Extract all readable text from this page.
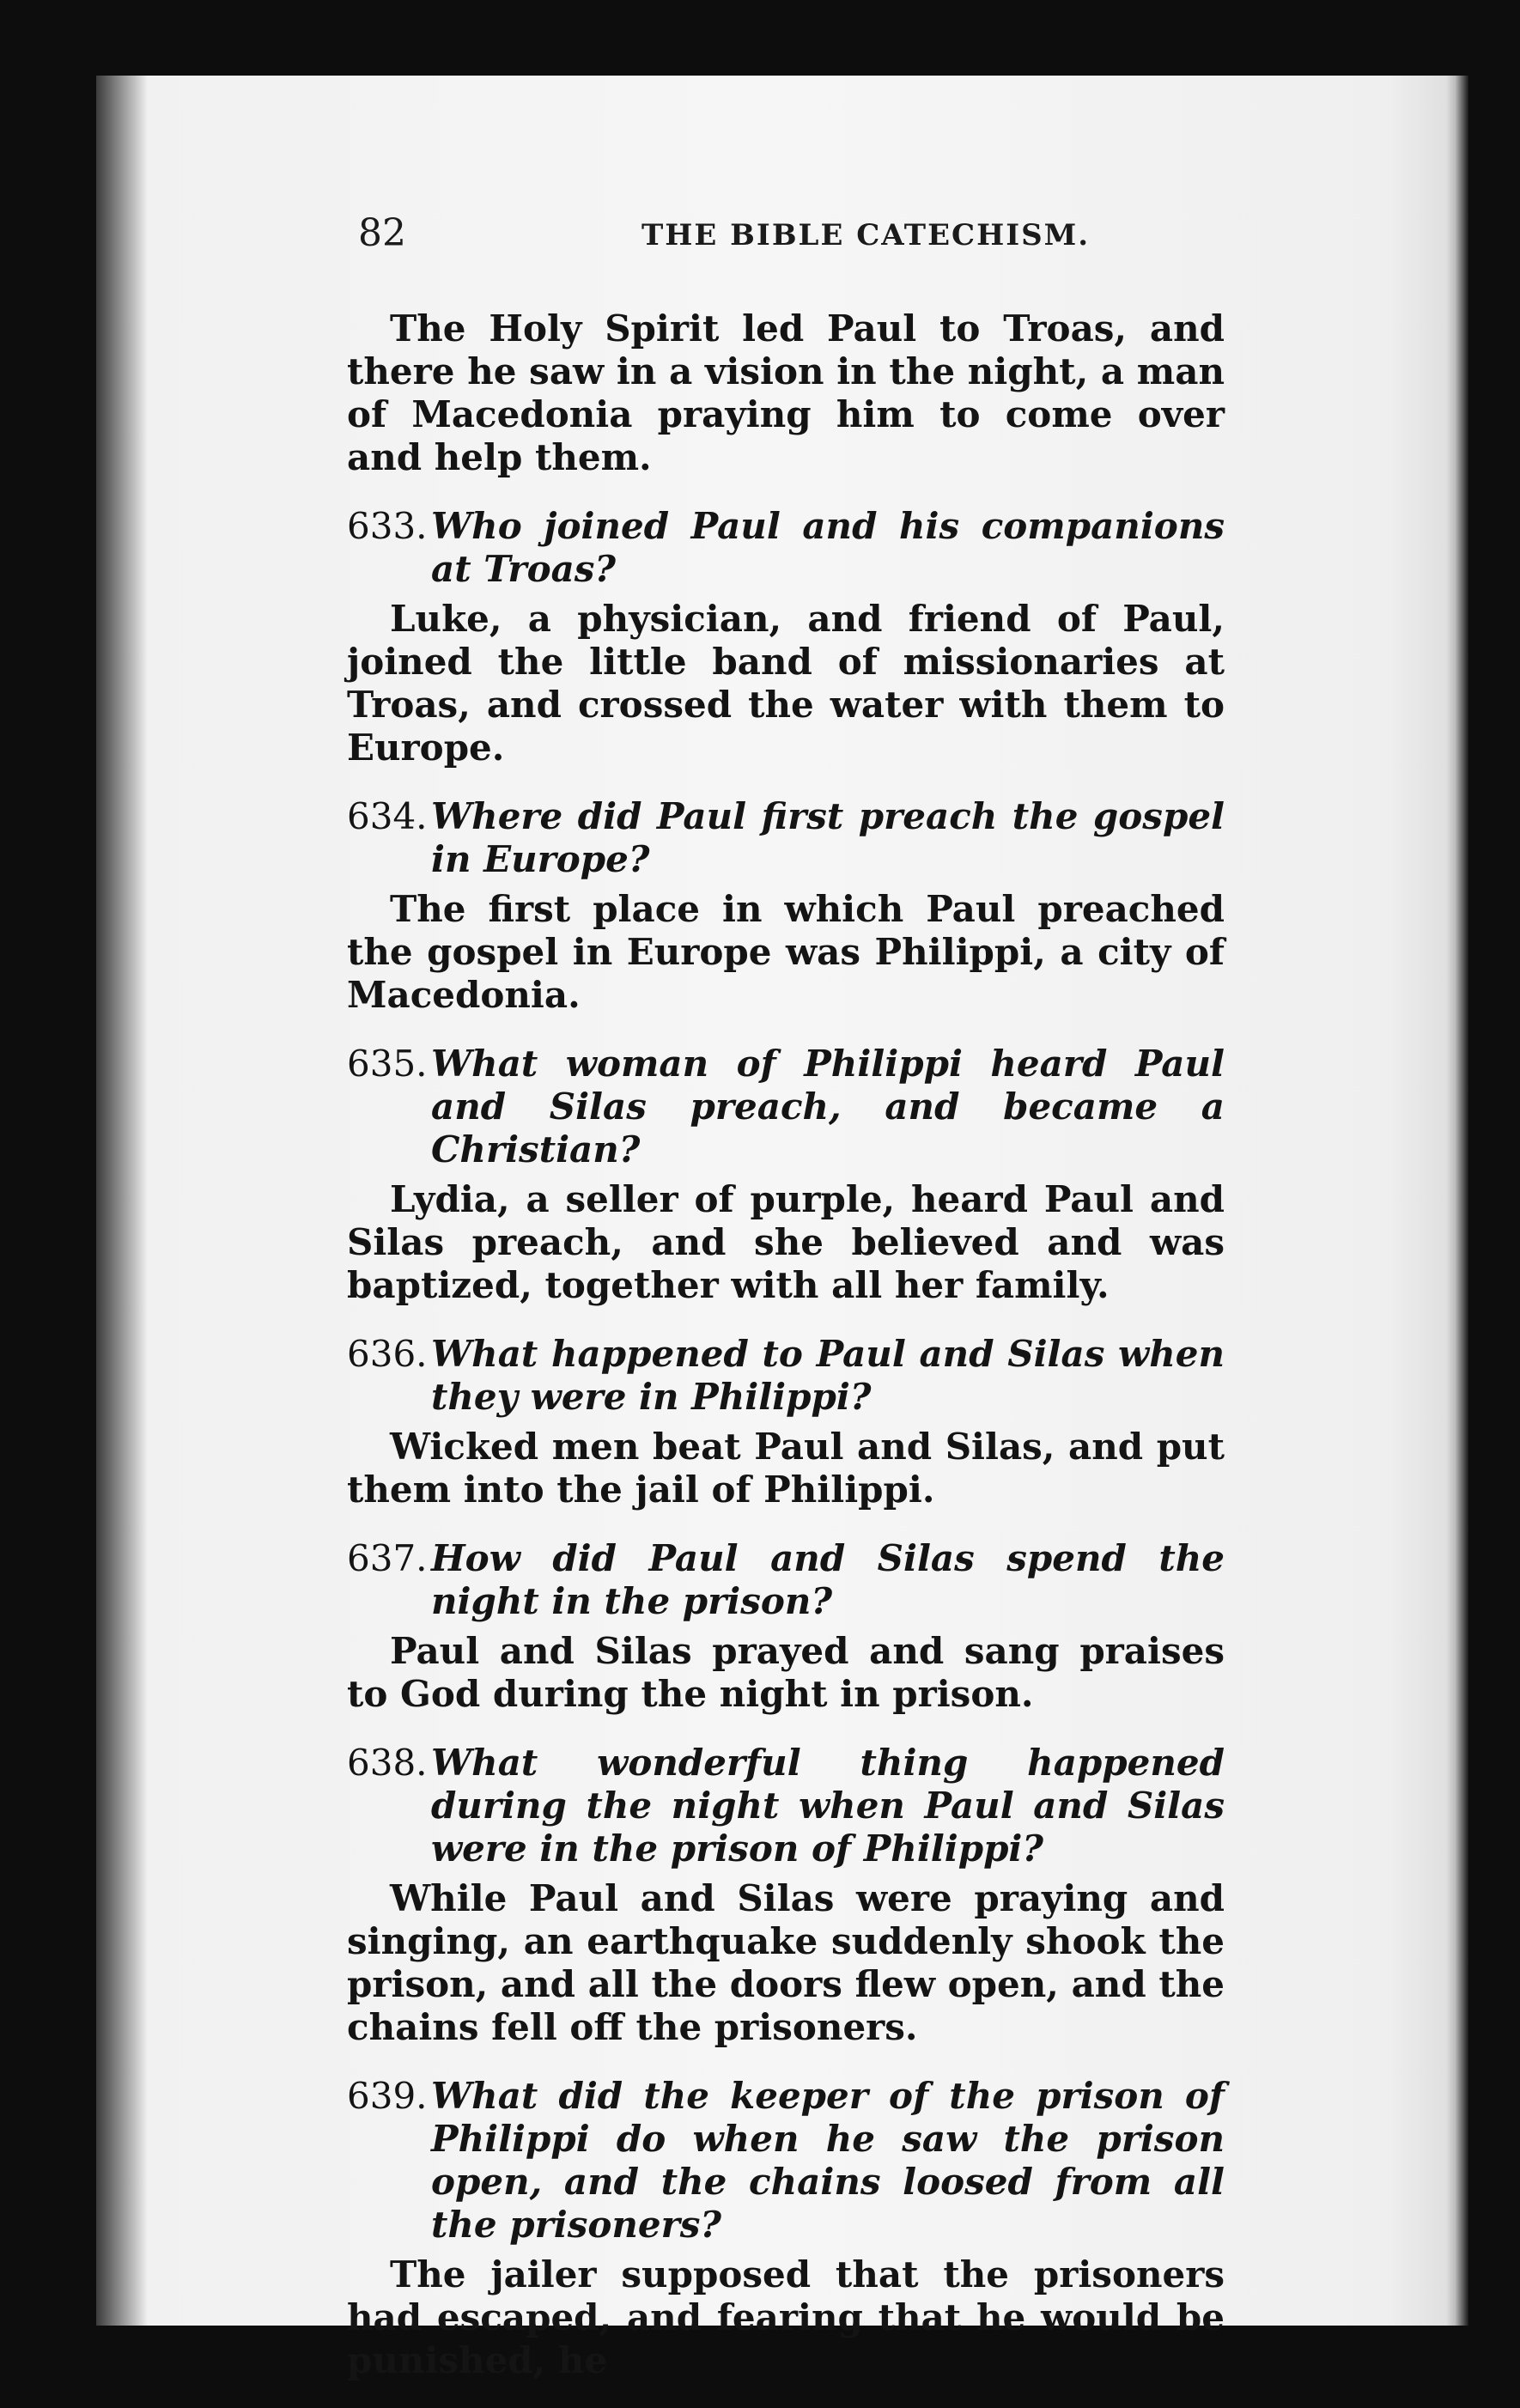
82	THE BIBLE CATECHISM.

The Holy Spirit led Paul to Troas, and there he saw in a vision in the night, a man of Macedonia praying him to come over and help them.

633. Who joined Paul and his companions at Troas?

Luke, a physician, and friend of Paul, joined the little band of missionaries at Troas, and crossed the water with them to Europe.

634. Where did Paul first preach the gospel in Europe?

The first place in which Paul preached the gospel in Europe was Philippi, a city of Macedonia.

635. What woman of Philippi heard Paul and Silas preach, and became a Christian?

Lydia, a seller of purple, heard Paul and Silas preach, and she believed and was baptized, together with all her family.

636. What happened to Paul and Silas when they were in Philippi?

Wicked men beat Paul and Silas, and put them into the jail of Philippi.

637. How did Paul and Silas spend the night in the prison?

Paul and Silas prayed and sang praises to God during the night in prison.

638. What wonderful thing happened during the night when Paul and Silas were in the prison of Philippi?

While Paul and Silas were praying and singing, an earthquake suddenly shook the prison, and all the doors flew open, and the chains fell off the prisoners.

639. What did the keeper of the prison of Philippi do when he saw the prison open, and the chains loosed from all the prisoners?

The jailer supposed that the prisoners had escaped, and fearing that he would be punished, he
